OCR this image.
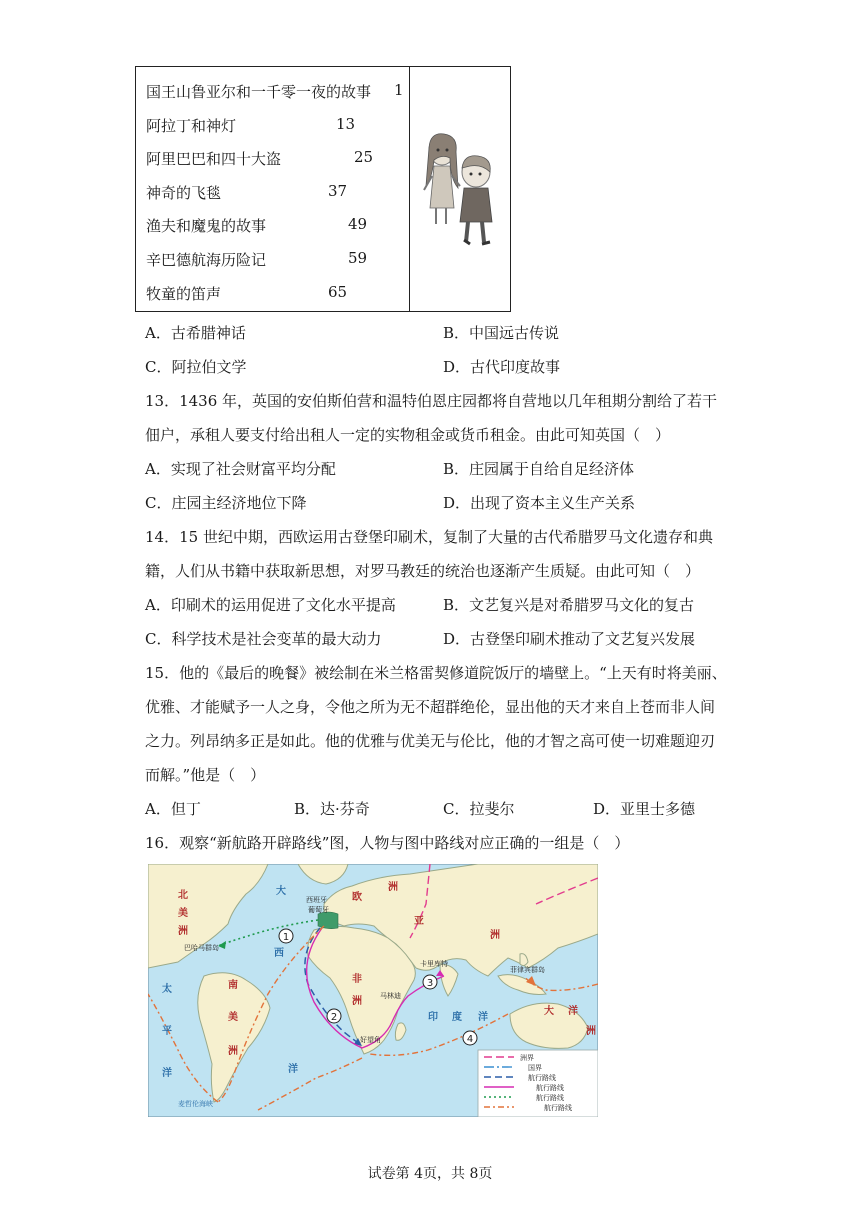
国王山鲁亚尔和一千零一夜的故事 1
阿拉丁和神灯	13
阿里巴巴和四十大盗	25
神奇的飞毯	37
渔夫和魔鬼的故事	49
辛巴德航海历险记	59
牧童的笛声	65
A．古希腊神话	B．中国远古传说
C．阿拉伯文学	D．古代印度故事
13．1436 年，英国的安伯斯伯营和温特伯恩庄园都将自营地以几年租期分割给了若干
佃户，承租人要支付给出租人一定的实物租金或货币租金。由此可知英国（　）
A．实现了社会财富平均分配	B．庄园属于自给自足经济体
C．庄园主经济地位下降	D．出现了资本主义生产关系
14．15 世纪中期，西欧运用古登堡印刷术，复制了大量的古代希腊罗马文化遗存和典
籍，人们从书籍中获取新思想，对罗马教廷的统治也逐渐产生质疑。由此可知（　）
A．印刷术的运用促进了文化水平提高	B．文艺复兴是对希腊罗马文化的复古
C．科学技术是社会变革的最大动力	D．古登堡印刷术推动了文艺复兴发展
15．他的《最后的晚餐》被绘制在米兰格雷契修道院饭厅的墙壁上。“上天有时将美丽、
优雅、才能赋予一人之身，令他之所为无不超群绝伦，显出他的天才来自上苍而非人间
之力。列昂纳多正是如此。他的优雅与优美无与伦比，他的才智之高可使一切难题迎刃
而解。”他是（　）
A．但丁	B．达·芬奇	C．拉斐尔	D．亚里士多德
16．观察“新航路开辟路线”图，人物与图中路线对应正确的一组是（　）
1
2
3
4
北
美
洲
欧
洲
亚
洲
非
洲
南
美
洲
大 洋
洲
大
西
洋
太
平
洋
印 度 洋
西班牙
葡萄牙
巴哈马群岛
卡里库特
马林迪
菲律宾群岛
好望角
麦哲伦海峡
洲界
国界
航行路线
航行路线
航行路线
航行路线
试卷第 4页，共 8页
